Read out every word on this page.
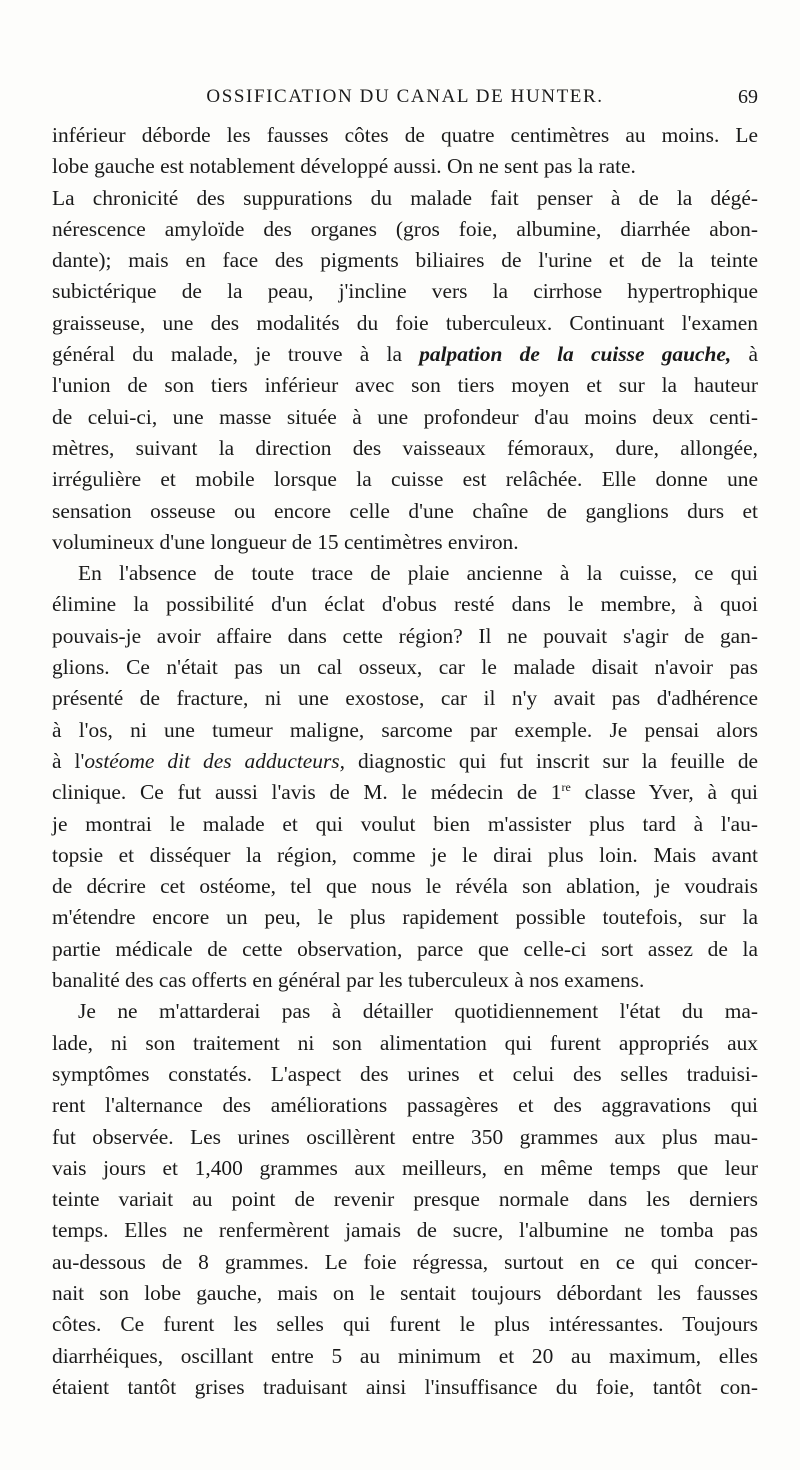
OSSIFICATION DU CANAL DE HUNTER.	69
inférieur déborde les fausses côtes de quatre centimètres au moins. Le
lobe gauche est notablement développé aussi. On ne sent pas la rate.
La chronicité des suppurations du malade fait penser à de la dégé-
nérescence amyloïde des organes (gros foie, albumine, diarrhée abon-
dante); mais en face des pigments biliaires de l'urine et de la teinte
subictérique de la peau, j'incline vers la cirrhose hypertrophique
graisseuse, une des modalités du foie tuberculeux. Continuant l'examen
général du malade, je trouve à la palpation de la cuisse gauche, à
l'union de son tiers inférieur avec son tiers moyen et sur la hauteur
de celui-ci, une masse située à une profondeur d'au moins deux centi-
mètres, suivant la direction des vaisseaux fémoraux, dure, allongée,
irrégulière et mobile lorsque la cuisse est relâchée. Elle donne une
sensation osseuse ou encore celle d'une chaîne de ganglions durs et
volumineux d'une longueur de 15 centimètres environ.
En l'absence de toute trace de plaie ancienne à la cuisse, ce qui
élimine la possibilité d'un éclat d'obus resté dans le membre, à quoi
pouvais-je avoir affaire dans cette région? Il ne pouvait s'agir de gan-
glions. Ce n'était pas un cal osseux, car le malade disait n'avoir pas
présenté de fracture, ni une exostose, car il n'y avait pas d'adhérence
à l'os, ni une tumeur maligne, sarcome par exemple. Je pensai alors
à l'ostéome dit des adducteurs, diagnostic qui fut inscrit sur la feuille de
clinique. Ce fut aussi l'avis de M. le médecin de 1re classe Yver, à qui
je montrai le malade et qui voulut bien m'assister plus tard à l'au-
topsie et disséquer la région, comme je le dirai plus loin. Mais avant
de décrire cet ostéome, tel que nous le révéla son ablation, je voudrais
m'étendre encore un peu, le plus rapidement possible toutefois, sur la
partie médicale de cette observation, parce que celle-ci sort assez de la
banalité des cas offerts en général par les tuberculeux à nos examens.
Je ne m'attarderai pas à détailler quotidiennement l'état du ma-
lade, ni son traitement ni son alimentation qui furent appropriés aux
symptômes constatés. L'aspect des urines et celui des selles traduisi-
rent l'alternance des améliorations passagères et des aggravations qui
fut observée. Les urines oscillèrent entre 350 grammes aux plus mau-
vais jours et 1,400 grammes aux meilleurs, en même temps que leur
teinte variait au point de revenir presque normale dans les derniers
temps. Elles ne renfermèrent jamais de sucre, l'albumine ne tomba pas
au-dessous de 8 grammes. Le foie régressa, surtout en ce qui concer-
nait son lobe gauche, mais on le sentait toujours débordant les fausses
côtes. Ce furent les selles qui furent le plus intéressantes. Toujours
diarrhéiques, oscillant entre 5 au minimum et 20 au maximum, elles
étaient tantôt grises traduisant ainsi l'insuffisance du foie, tantôt con-
